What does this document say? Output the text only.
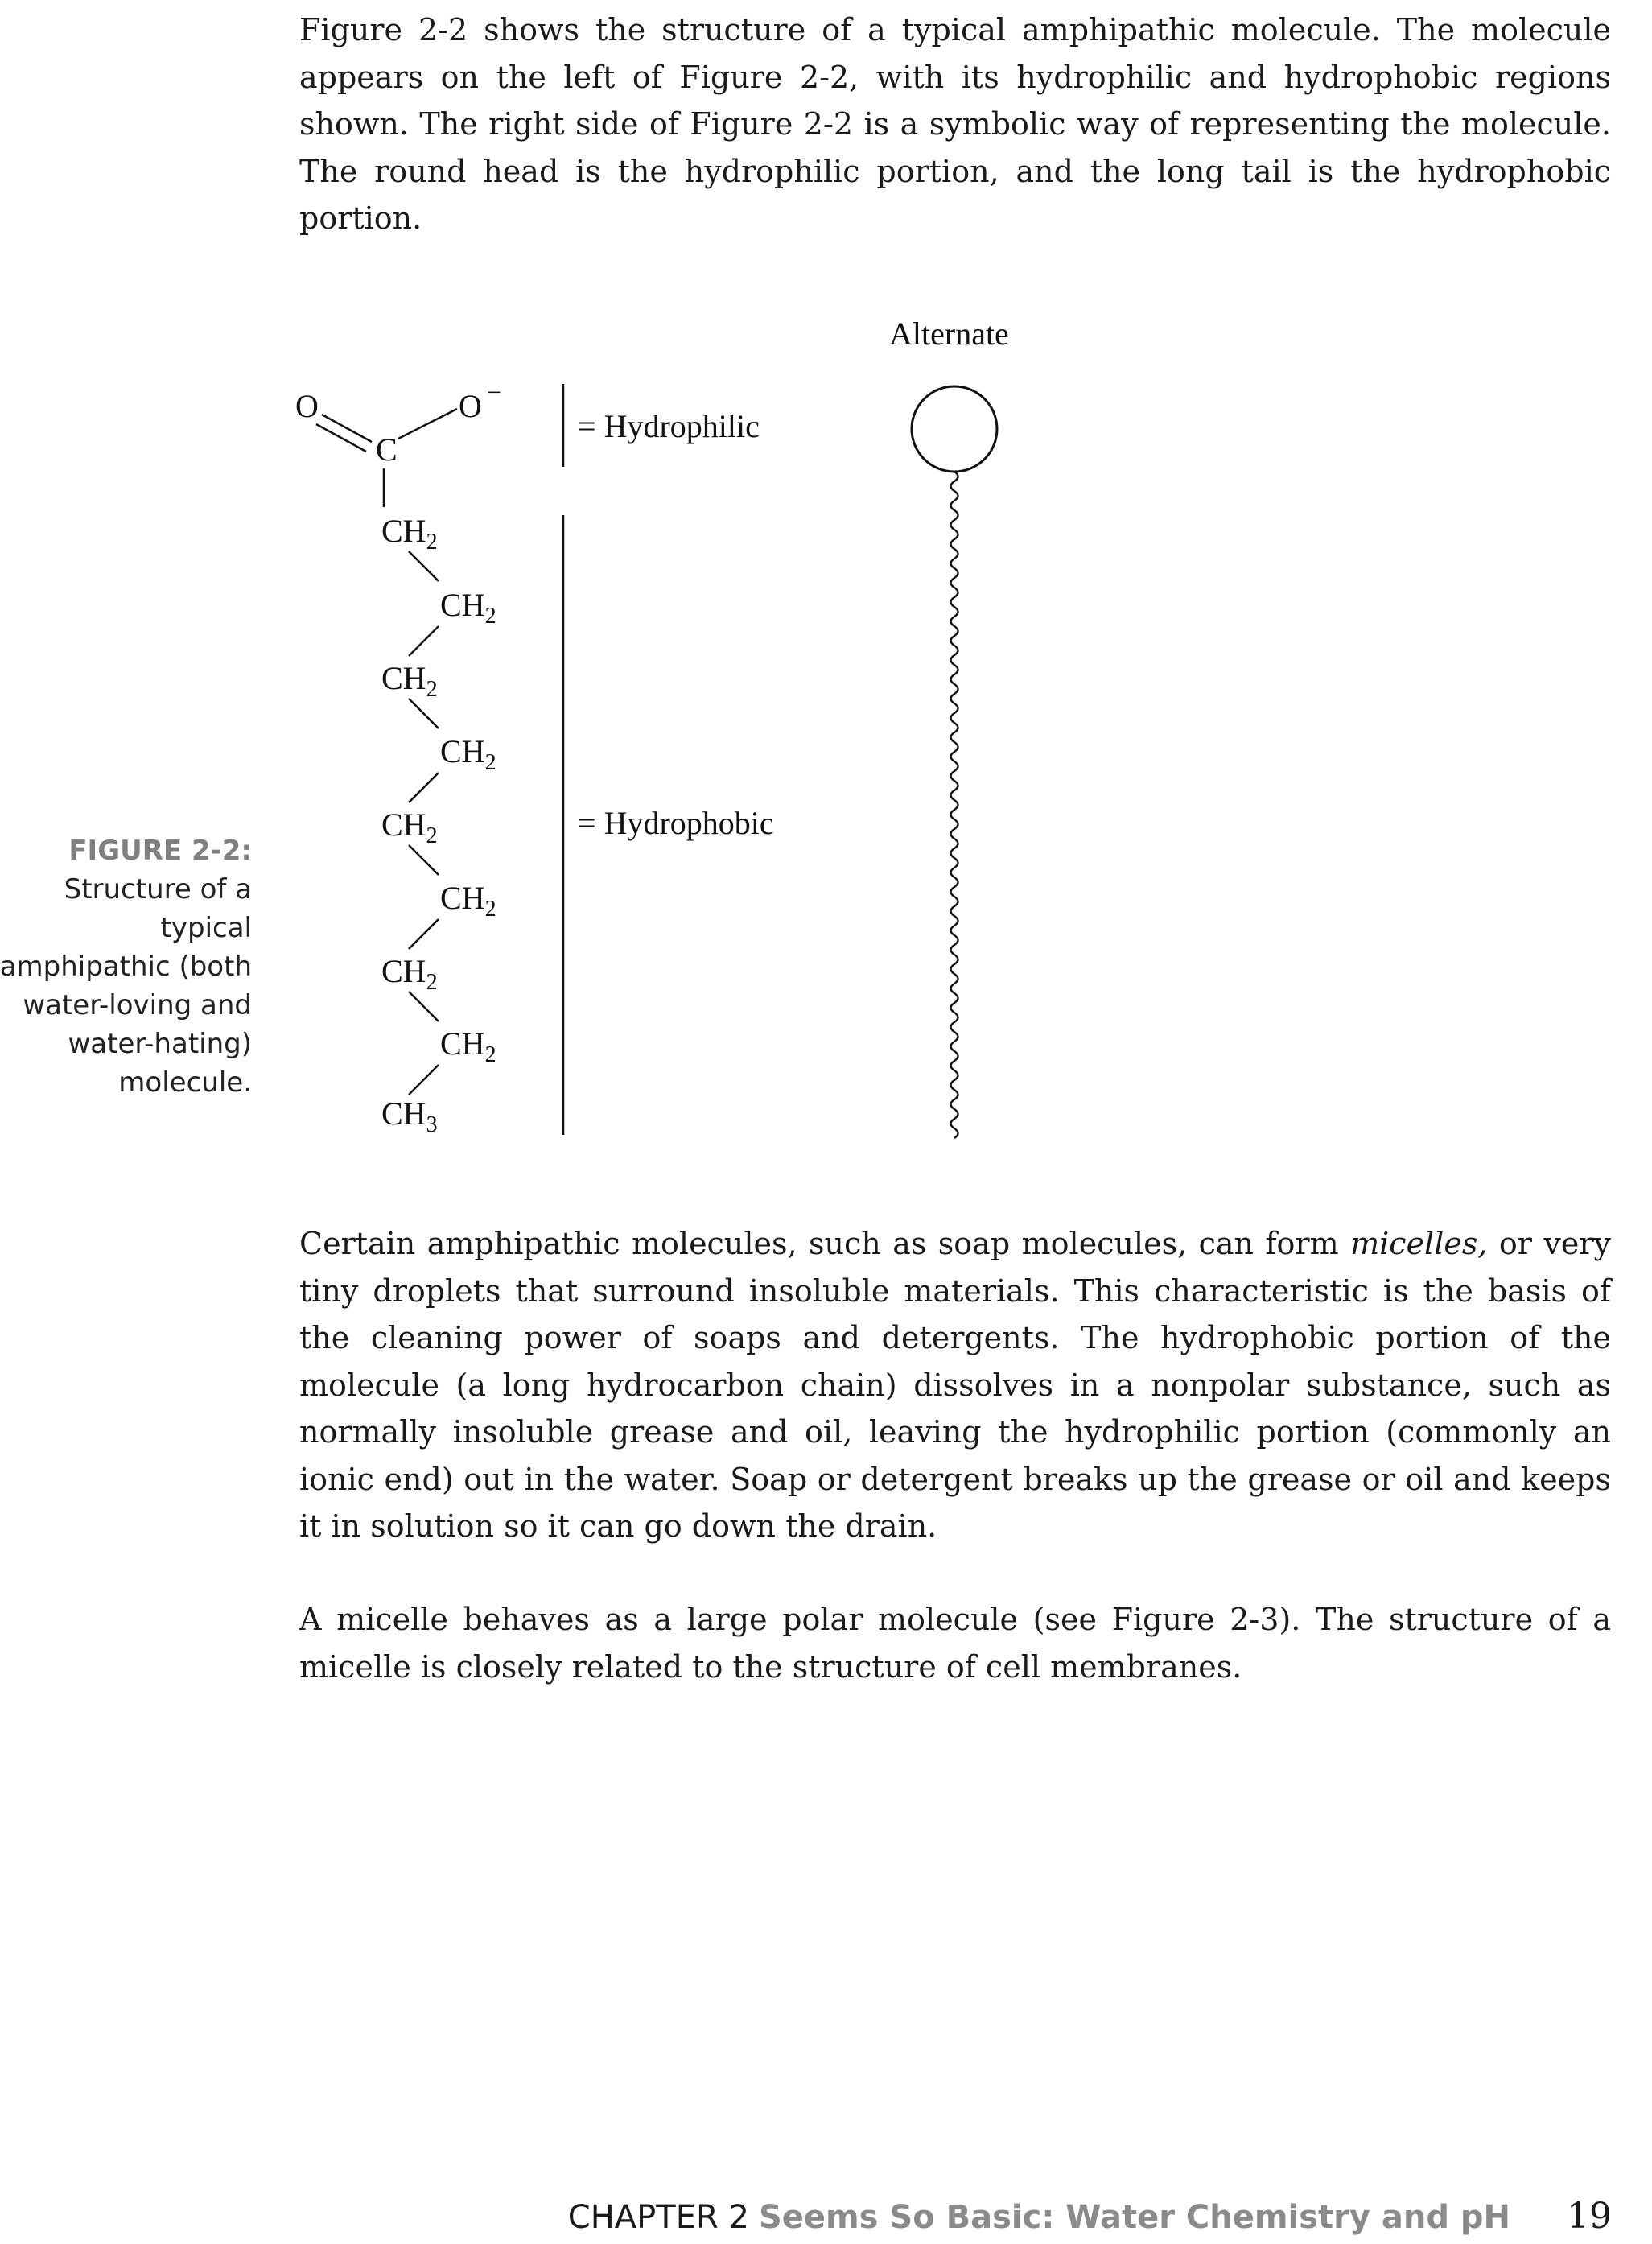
Figure 2-2 shows the structure of a typical amphipathic molecule. The molecule appears on the left of Figure 2-2, with its hydrophilic and hydrophobic regions shown. The right side of Figure 2-2 is a symbolic way of representing the molecule. The round head is the hydrophilic portion, and the long tail is the hydrophobic portion.

FIGURE 2-2:
Structure of a typical amphipathic (both water-loving and water-hating) molecule.
O
C
O −
$CH_2$
$CH_2$
$CH_2$
$CH_2$
$CH_2$
$CH_2$
$CH_2$
$CH_2$
$CH_3$
= Hydrophilic
= Hydrophobic
Alternate

Certain amphipathic molecules, such as soap molecules, can form micelles, or very tiny droplets that surround insoluble materials. This characteristic is the basis of the cleaning power of soaps and detergents. The hydrophobic portion of the molecule (a long hydrocarbon chain) dissolves in a nonpolar substance, such as normally insoluble grease and oil, leaving the hydrophilic portion (commonly an ionic end) out in the water. Soap or detergent breaks up the grease or oil and keeps it in solution so it can go down the drain.

A micelle behaves as a large polar molecule (see Figure 2-3). The structure of a micelle is closely related to the structure of cell membranes.

CHAPTER 2 Seems So Basic: Water Chemistry and pH 19
